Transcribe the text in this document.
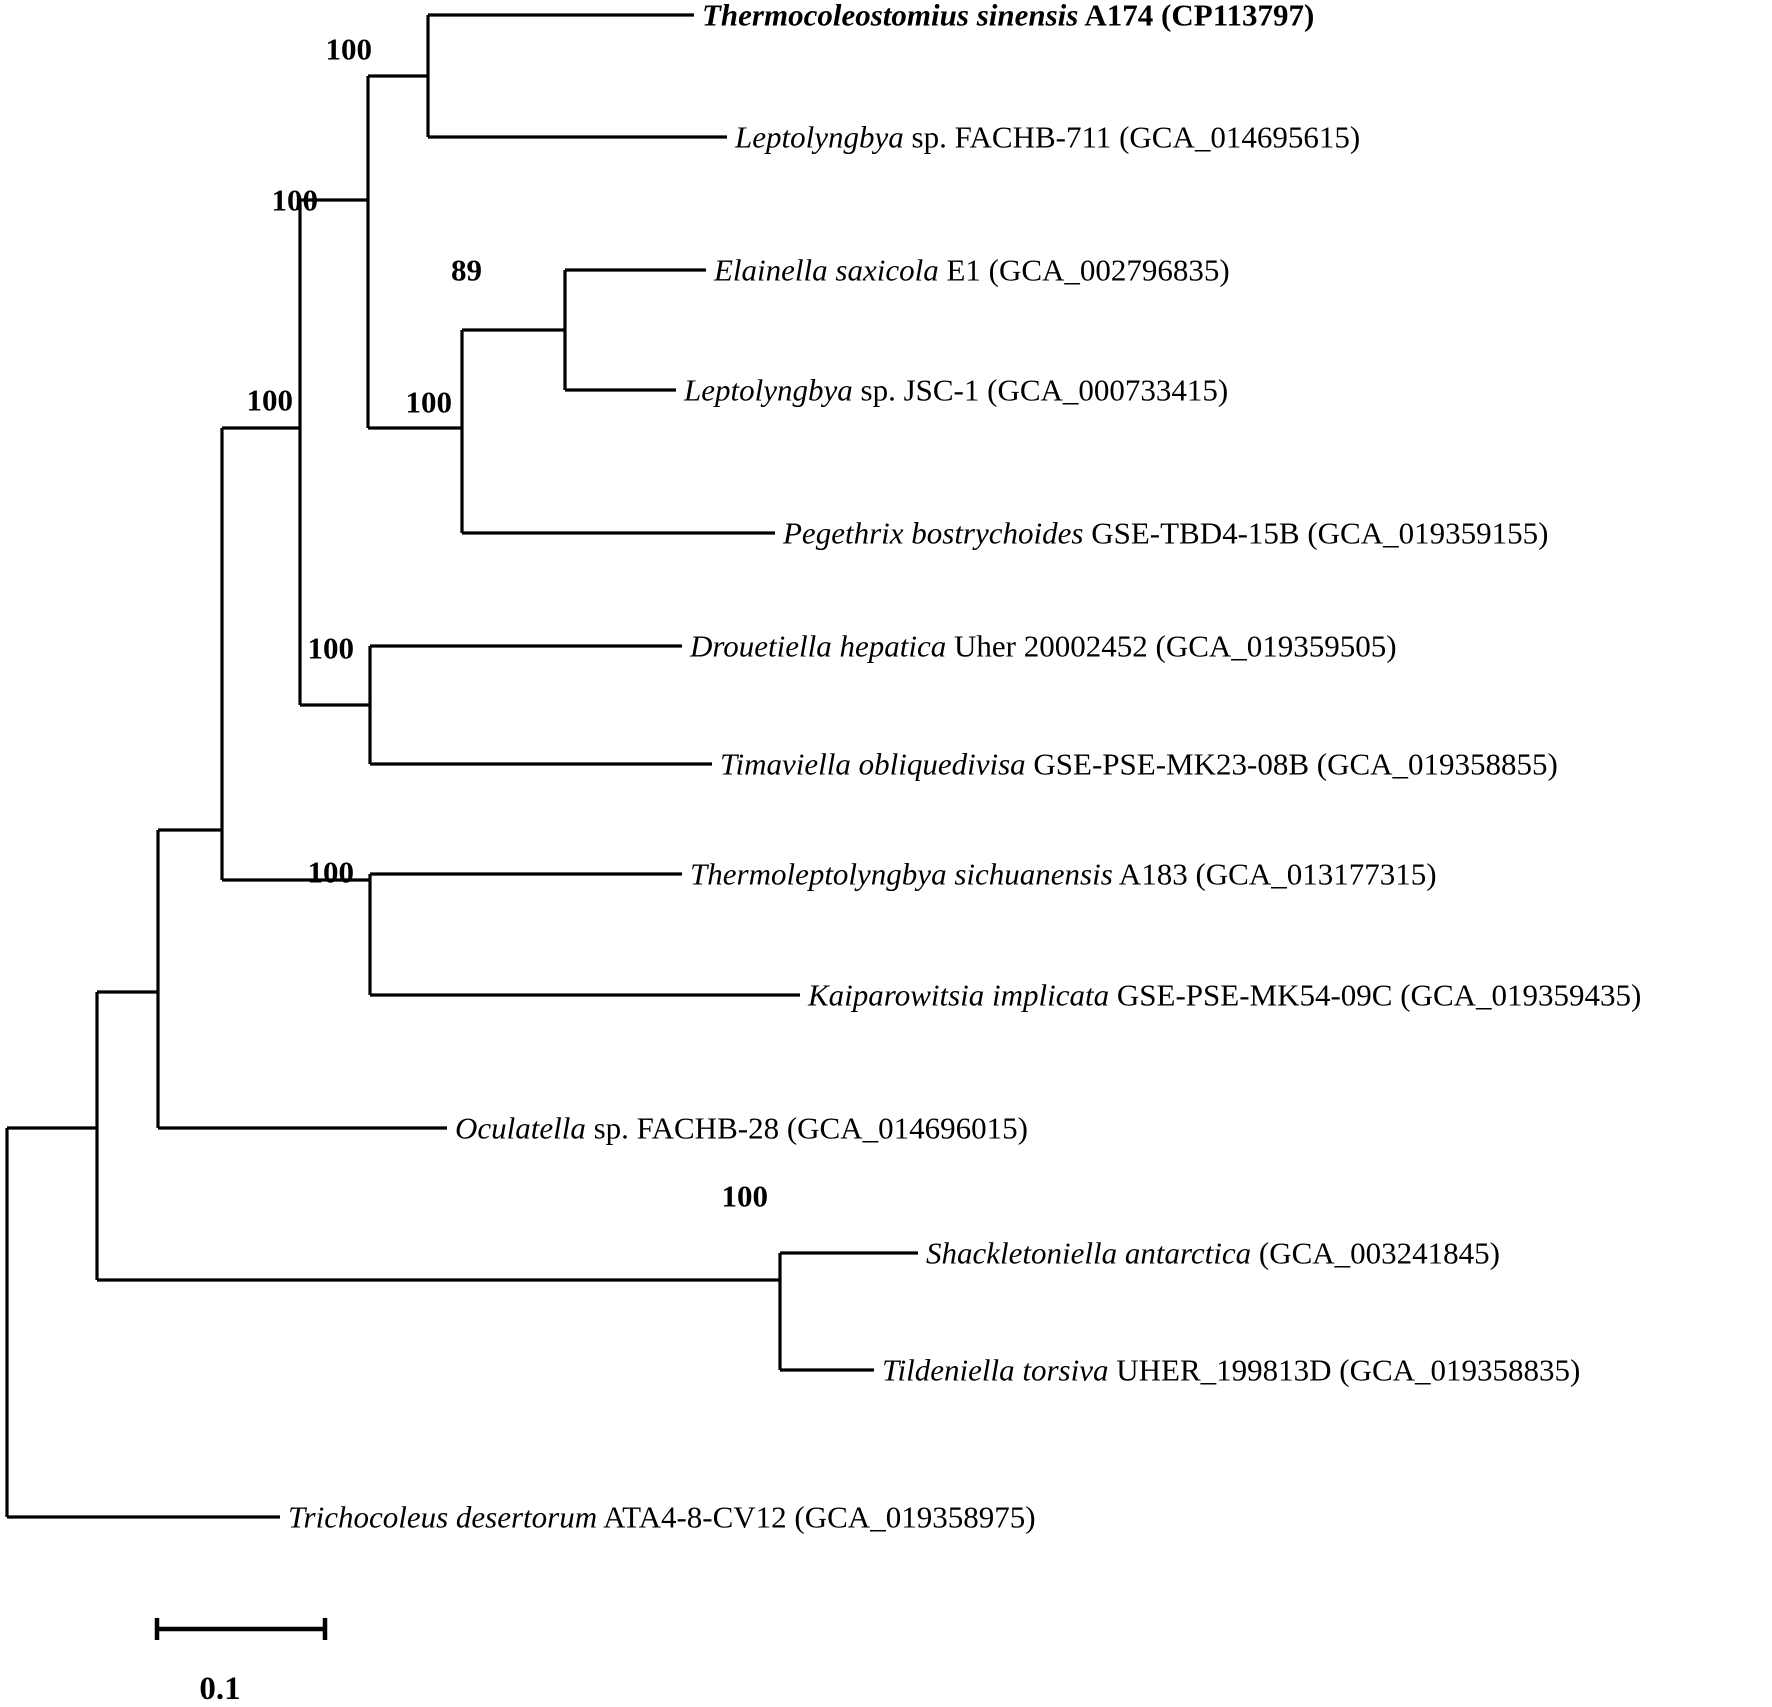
Thermocoleostomius sinensis A174 (CP113797)
Leptolyngbya sp. FACHB-711 (GCA_014695615)
Elainella saxicola E1 (GCA_002796835)
Leptolyngbya sp. JSC-1 (GCA_000733415)
Pegethrix bostrychoides GSE-TBD4-15B (GCA_019359155)
Drouetiella hepatica Uher 20002452 (GCA_019359505)
Timaviella obliquedivisa GSE-PSE-MK23-08B (GCA_019358855)
Thermoleptolyngbya sichuanensis A183 (GCA_013177315)
Kaiparowitsia implicata GSE-PSE-MK54-09C (GCA_019359435)
Oculatella sp. FACHB-28 (GCA_014696015)
Shackletoniella antarctica (GCA_003241845)
Tildeniella torsiva UHER_199813D (GCA_019358835)
Trichocoleus desertorum ATA4-8-CV12 (GCA_019358975)
100
100
89
100
100
100
100
100
0.1
